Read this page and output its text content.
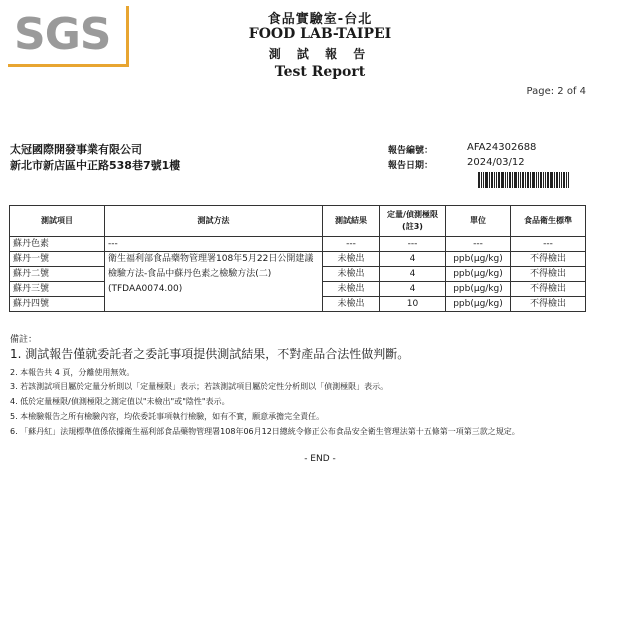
SGS	食品實驗室-台北
FOOD LAB-TAIPEI
測 試 報 告
Test Report
Page: 2 of 4
太冠國際開發事業有限公司
新北市新店區中正路538巷7號1樓
報告編號：	AFA24302688
報告日期：	2024/03/12
測試項目	測試方法	測試結果	定量/偵測極限(註3)	單位	食品衛生標準
蘇丹色素	---	---	---	---	---
蘇丹一號	衛生福利部食品藥物管理署108年5月22日公開建議檢驗方法-食品中蘇丹色素之檢驗方法(二)(TFDAA0074.00)	未檢出	4	ppb(μg/kg)	不得檢出
蘇丹二號		未檢出	4	ppb(μg/kg)	不得檢出
蘇丹三號		未檢出	4	ppb(μg/kg)	不得檢出
蘇丹四號		未檢出	10	ppb(μg/kg)	不得檢出
備註：
1. 測試報告僅就委託者之委託事項提供測試結果，不對產品合法性做判斷。
2. 本報告共 4 頁，分離使用無效。
3. 若該測試項目屬於定量分析則以「定量極限」表示；若該測試項目屬於定性分析則以「偵測極限」表示。
4. 低於定量極限/偵測極限之測定值以"未檢出"或"陰性"表示。
5. 本檢驗報告之所有檢驗內容，均依委託事項執行檢驗，如有不實，願意承擔完全責任。
6. 「蘇丹紅」法規標準值係依據衛生福利部食品藥物管理署108年06月12日總統令修正公布食品安全衛生管理法第十五條第一項第三款之規定。
- END -
